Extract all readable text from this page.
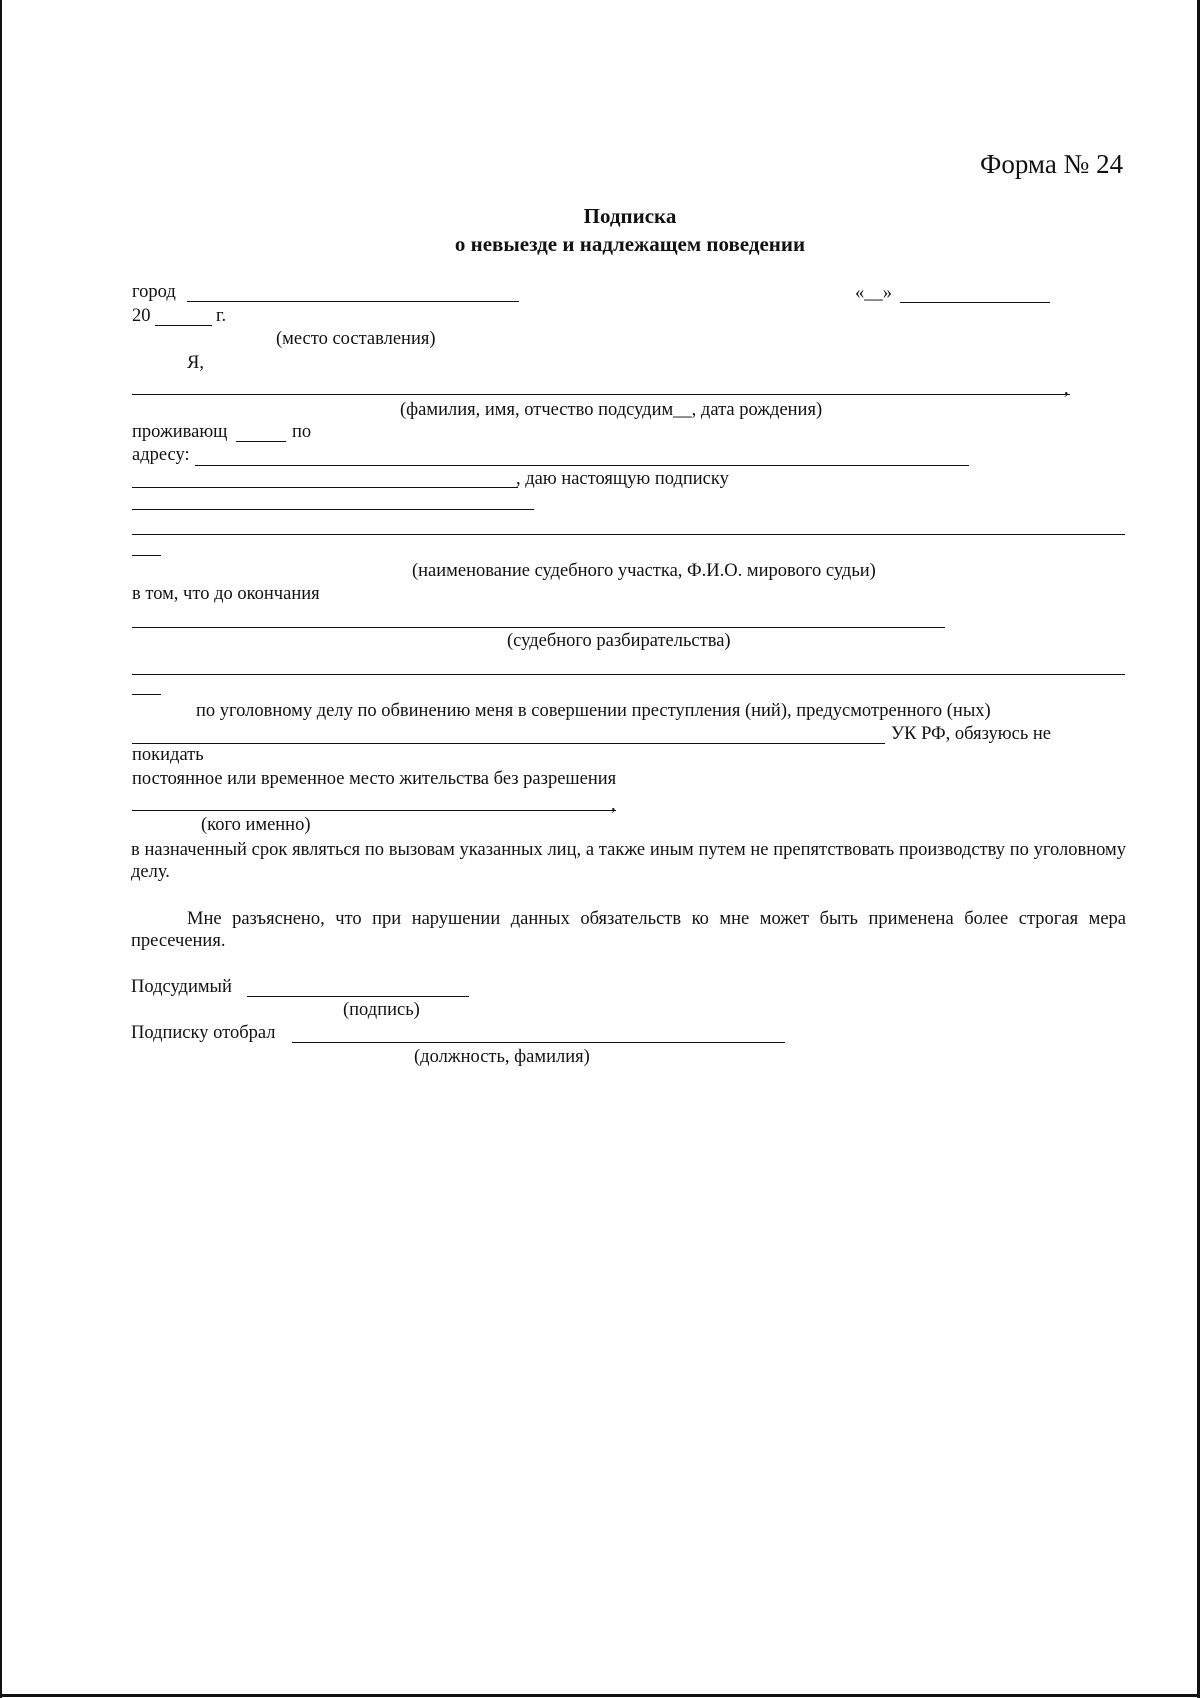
Форма № 24
Подписка
о невыезде и надлежащем поведении
город	«__»
20	г.
(место составления)
Я,
,
(фамилия, имя, отчество подсудим__, дата рождения)
проживающ	по
адресу:
, даю настоящую подписку
(наименование судебного участка, Ф.И.О. мирового судьи)
в том, что до окончания
(судебного разбирательства)
по уголовному делу по обвинению меня в совершении преступления (ний), предусмотренного (ных)
УК РФ, обязуюсь не
покидать
постоянное или временное место жительства без разрешения
,
(кого именно)
в назначенный срок являться по вызовам указанных лиц, а также иным путем не препятствовать производству по уголовному делу.
Мне разъяснено, что при нарушении данных обязательств ко мне может быть применена более строгая мера пресечения.
Подсудимый
(подпись)
Подписку отобрал
(должность, фамилия)
